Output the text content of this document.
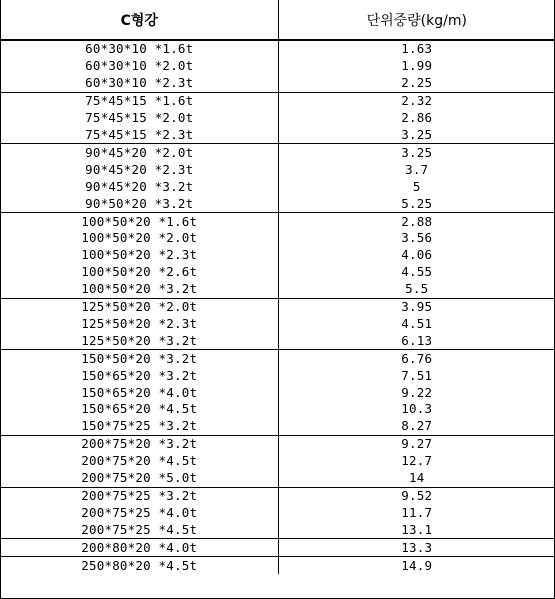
C형강	단위중량(kg/m)
60*30*10 *1.6t	1.63
60*30*10 *2.0t	1.99
60*30*10 *2.3t	2.25
75*45*15 *1.6t	2.32
75*45*15 *2.0t	2.86
75*45*15 *2.3t	3.25
90*45*20 *2.0t	3.25
90*45*20 *2.3t	3.7
90*45*20 *3.2t	5
90*50*20 *3.2t	5.25
100*50*20 *1.6t	2.88
100*50*20 *2.0t	3.56
100*50*20 *2.3t	4.06
100*50*20 *2.6t	4.55
100*50*20 *3.2t	5.5
125*50*20 *2.0t	3.95
125*50*20 *2.3t	4.51
125*50*20 *3.2t	6.13
150*50*20 *3.2t	6.76
150*65*20 *3.2t	7.51
150*65*20 *4.0t	9.22
150*65*20 *4.5t	10.3
150*75*25 *3.2t	8.27
200*75*20 *3.2t	9.27
200*75*20 *4.5t	12.7
200*75*20 *5.0t	14
200*75*25 *3.2t	9.52
200*75*25 *4.0t	11.7
200*75*25 *4.5t	13.1
200*80*20 *4.0t	13.3
250*80*20 *4.5t	14.9
